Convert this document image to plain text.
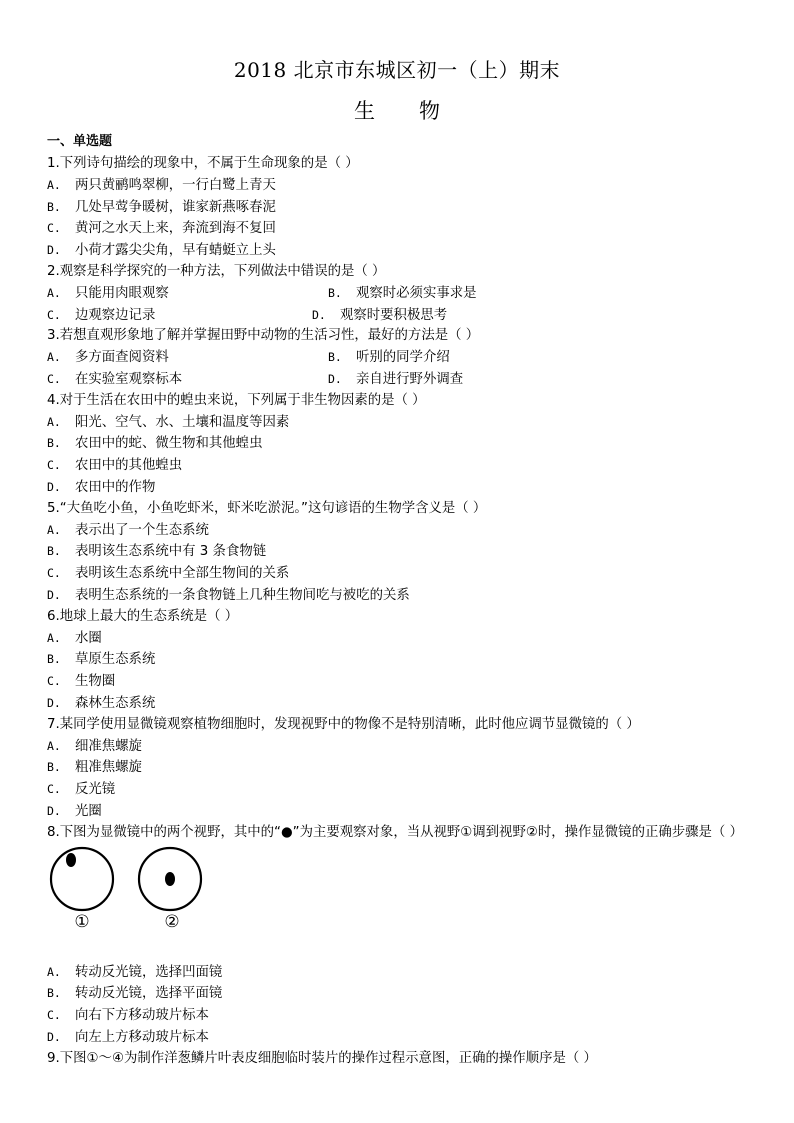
2018 北京市东城区初一（上）期末
生物
一、单选题
1.下列诗句描绘的现象中，不属于生命现象的是（ ）
A. 两只黄鹂鸣翠柳，一行白鹭上青天
B. 几处早莺争暖树，谁家新燕啄春泥
C. 黄河之水天上来，奔流到海不复回
D. 小荷才露尖尖角，早有蜻蜓立上头
2.观察是科学探究的一种方法，下列做法中错误的是（ ）
A. 只能用肉眼观察	B. 观察时必须实事求是
C. 边观察边记录	D. 观察时要积极思考
3.若想直观形象地了解并掌握田野中动物的生活习性，最好的方法是（ ）
A. 多方面查阅资料	B. 听别的同学介绍
C. 在实验室观察标本	D. 亲自进行野外调查
4.对于生活在农田中的蝗虫来说，下列属于非生物因素的是（ ）
A. 阳光、空气、水、土壤和温度等因素
B. 农田中的蛇、微生物和其他蝗虫
C. 农田中的其他蝗虫
D. 农田中的作物
5.“大鱼吃小鱼，小鱼吃虾米，虾米吃淤泥。”这句谚语的生物学含义是（ ）
A. 表示出了一个生态系统
B. 表明该生态系统中有 3 条食物链
C. 表明该生态系统中全部生物间的关系
D. 表明生态系统的一条食物链上几种生物间吃与被吃的关系
6.地球上最大的生态系统是（ ）
A. 水圈
B. 草原生态系统
C. 生物圈
D. 森林生态系统
7.某同学使用显微镜观察植物细胞时，发现视野中的物像不是特别清晰，此时他应调节显微镜的（ ）
A. 细准焦螺旋
B. 粗准焦螺旋
C. 反光镜
D. 光圈
8.下图为显微镜中的两个视野，其中的“●”为主要观察对象，当从视野①调到视野②时，操作显微镜的正确步骤是（ ）
①	②
A. 转动反光镜，选择凹面镜
B. 转动反光镜，选择平面镜
C. 向右下方移动玻片标本
D. 向左上方移动玻片标本
9.下图①～④为制作洋葱鳞片叶表皮细胞临时装片的操作过程示意图，正确的操作顺序是（ ）
